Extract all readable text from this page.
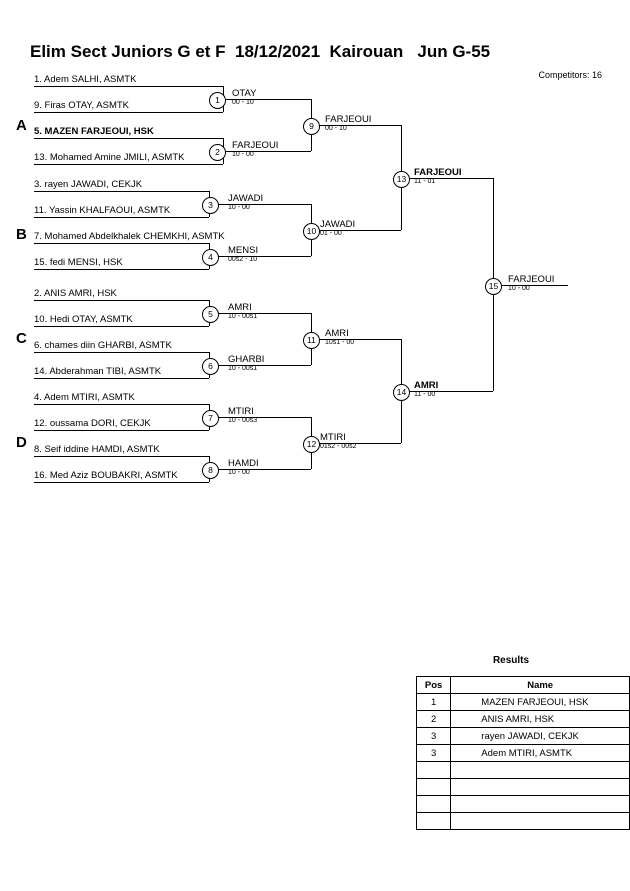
Elim Sect Juniors G et F  18/12/2021  Kairouan   Jun G-55
Competitors: 16
A
B
C
D
1. Adem SALHI, ASMTK
9. Firas OTAY, ASMTK
5. MAZEN FARJEOUI, HSK
13. Mohamed Amine JMILI, ASMTK
3. rayen JAWADI, CEKJK
11. Yassin KHALFAOUI, ASMTK
7. Mohamed Abdelkhalek CHEMKHI, ASMTK
15. fedi MENSI, HSK
2. ANIS AMRI, HSK
10. Hedi OTAY, ASMTK
6. chames diin GHARBI, ASMTK
14. Abderahman TIBI, ASMTK
4. Adem MTIRI, ASMTK
12. oussama DORI, CEKJK
8. Seif iddine HAMDI, ASMTK
16. Med Aziz BOUBAKRI, ASMTK
1
2
3
4
5
6
7
8
9
10
11
12
13
14
15
OTAY
00 - 10
FARJEOUI
10 - 00
JAWADI
10 - 00
MENSI
00s2 - 10
AMRI
10 - 00s1
GHARBI
10 - 00s1
MTIRI
10 - 00s3
HAMDI
10 - 00
FARJEOUI
00 - 10
JAWADI
01 - 00
AMRI
10s1 - 00
MTIRI
01s2 - 00s2
FARJEOUI
11 - 01
AMRI
11 - 00
FARJEOUI
10 - 00
Results
Pos	Name
1	MAZEN FARJEOUI, HSK
2	ANIS AMRI, HSK
3	rayen JAWADI, CEKJK
3	Adem MTIRI, ASMTK
